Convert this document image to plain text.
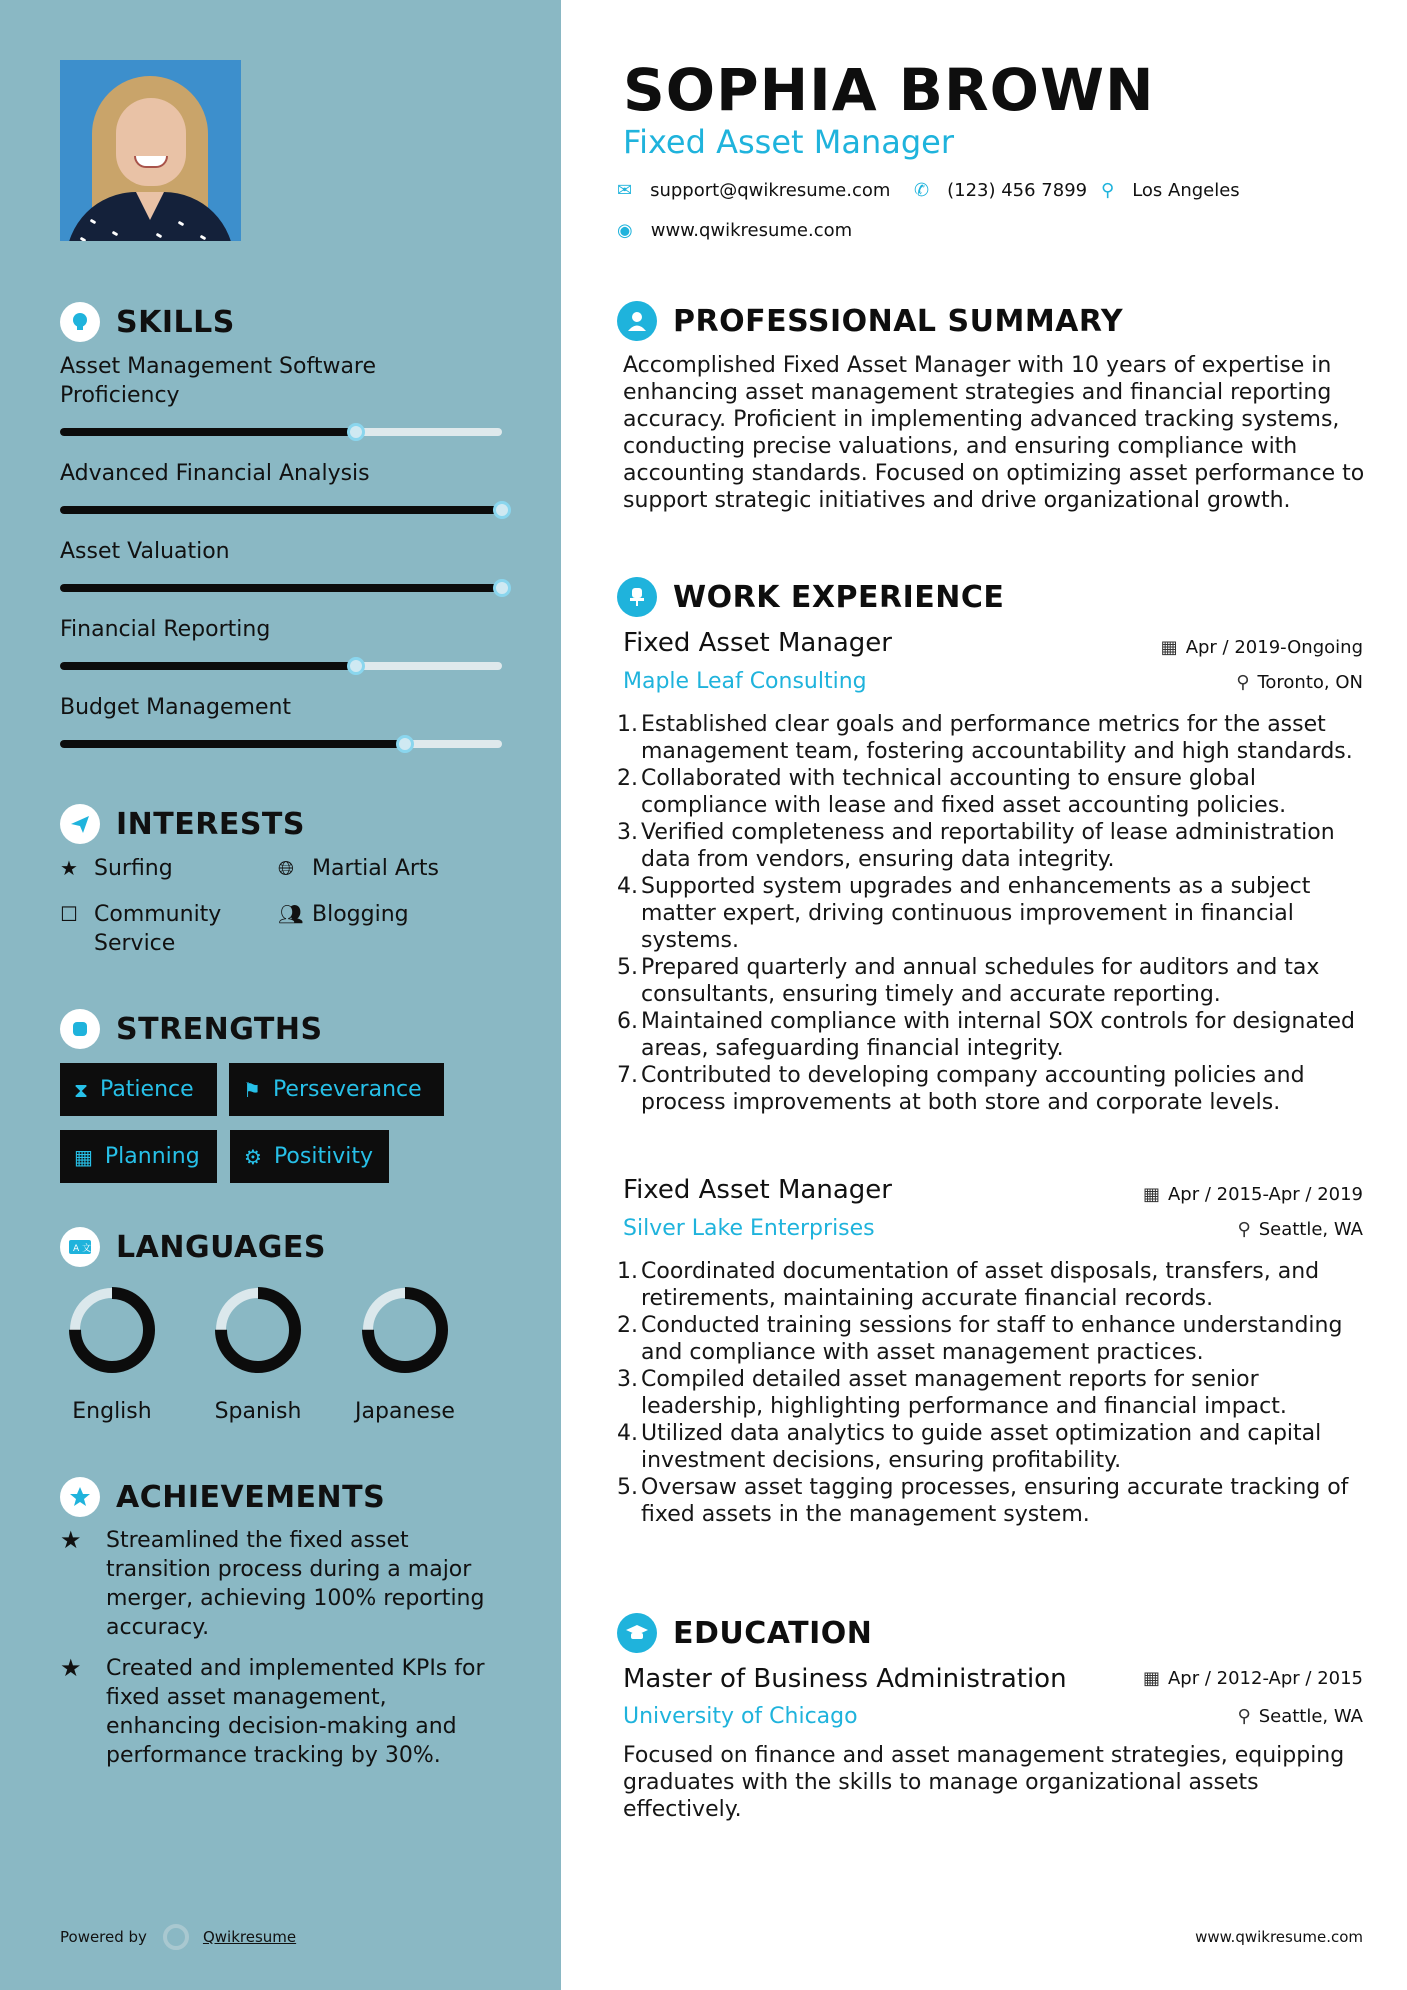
SKILLS
Asset Management Software Proficiency
Advanced Financial Analysis
Asset Valuation
Financial Reporting
Budget Management
INTERESTS
★ Surfing	🌐︎ Martial Arts
☐ Community Service
👥︎ Blogging
STRENGTHS
⧗ Patience ⚑ Perseverance
▦ Planning ⚙ Positivity
A 文 LANGUAGES
English	Spanish	Japanese
ACHIEVEMENTS
★	Streamlined the fixed asset transition process during a major merger, achieving 100% reporting accuracy.
★	Created and implemented KPIs for fixed asset management, enhancing decision-making and performance tracking by 30%.
Powered by	Qwikresume
SOPHIA BROWN
Fixed Asset Manager
✉ support@qwikresume.com ✆ (123) 456 7899 ⚲ Los Angeles
◉ www.qwikresume.com
PROFESSIONAL SUMMARY
Accomplished Fixed Asset Manager with 10 years of expertise in enhancing asset management strategies and financial reporting accuracy. Proficient in implementing advanced tracking systems, conducting precise valuations, and ensuring compliance with accounting standards. Focused on optimizing asset performance to support strategic initiatives and drive organizational growth.
WORK EXPERIENCE
Fixed Asset Manager	▦ Apr / 2019-Ongoing
Maple Leaf Consulting	⚲ Toronto, ON
1. Established clear goals and performance metrics for the asset management team, fostering accountability and high standards.
2. Collaborated with technical accounting to ensure global compliance with lease and fixed asset accounting policies.
3. Verified completeness and reportability of lease administration data from vendors, ensuring data integrity.
4. Supported system upgrades and enhancements as a subject matter expert, driving continuous improvement in financial systems.
5. Prepared quarterly and annual schedules for auditors and tax consultants, ensuring timely and accurate reporting.
6. Maintained compliance with internal SOX controls for designated areas, safeguarding financial integrity.
7. Contributed to developing company accounting policies and process improvements at both store and corporate levels.
Fixed Asset Manager	▦ Apr / 2015-Apr / 2019
Silver Lake Enterprises	⚲ Seattle, WA
1. Coordinated documentation of asset disposals, transfers, and retirements, maintaining accurate financial records.
2. Conducted training sessions for staff to enhance understanding and compliance with asset management practices.
3. Compiled detailed asset management reports for senior leadership, highlighting performance and financial impact.
4. Utilized data analytics to guide asset optimization and capital investment decisions, ensuring profitability.
5. Oversaw asset tagging processes, ensuring accurate tracking of fixed assets in the management system.
EDUCATION
Master of Business Administration	▦ Apr / 2012-Apr / 2015
University of Chicago	⚲ Seattle, WA
Focused on finance and asset management strategies, equipping graduates with the skills to manage organizational assets effectively.
www.qwikresume.com
